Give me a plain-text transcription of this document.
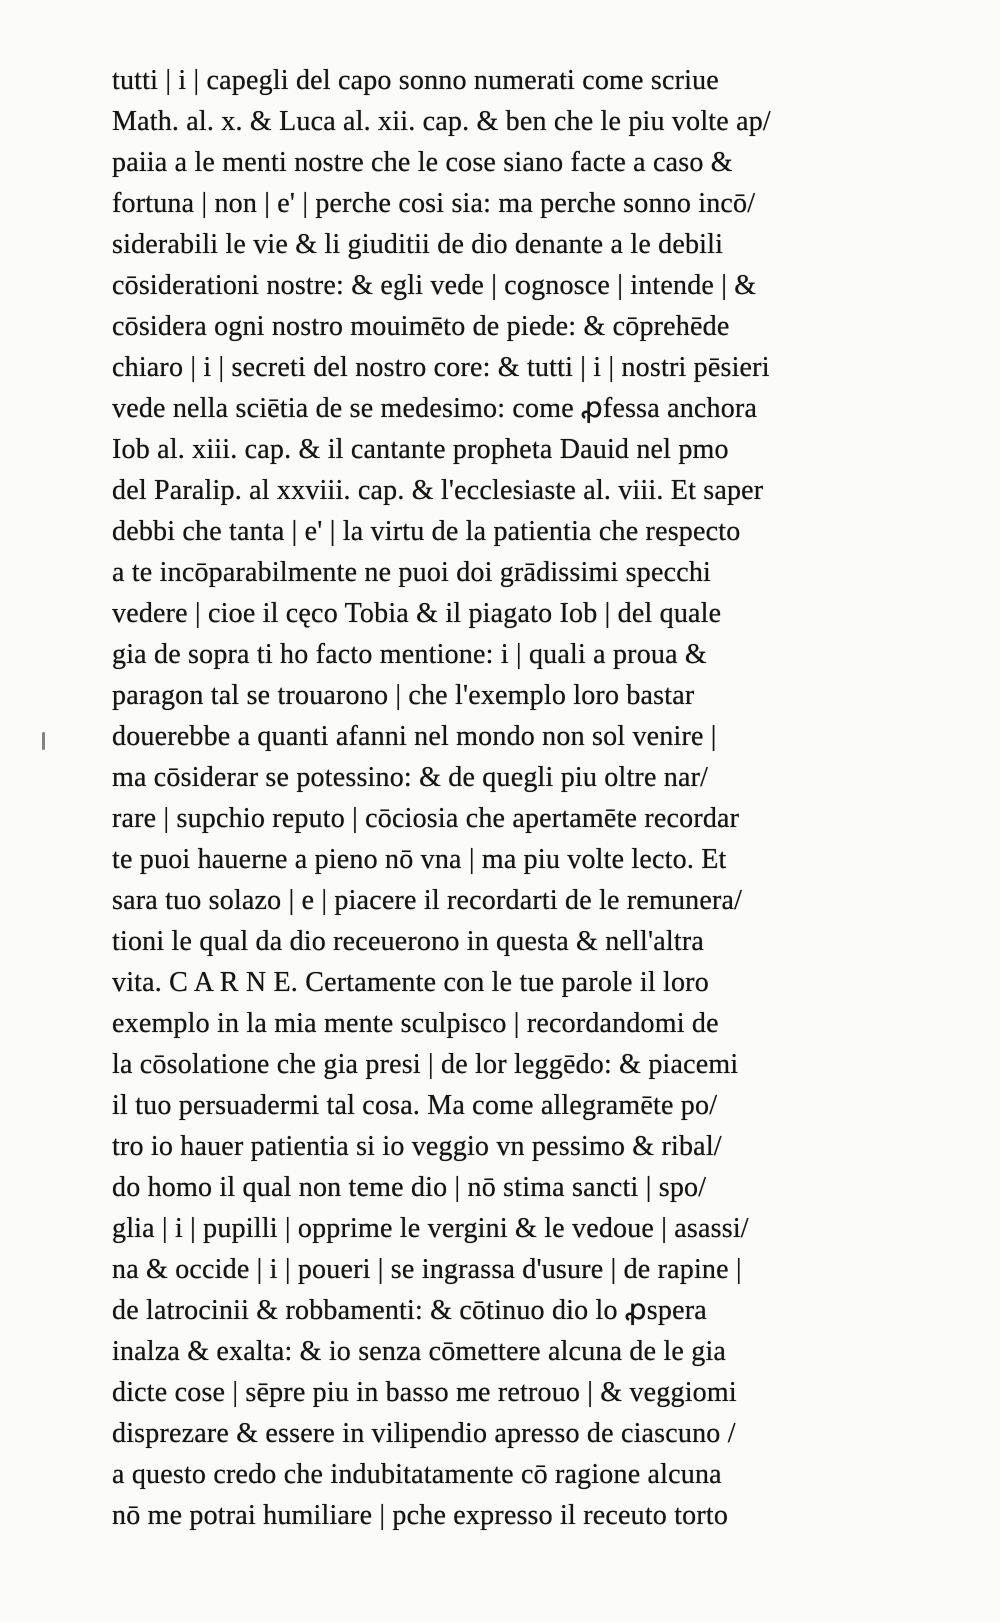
tutti | i | capegli del capo sonno numerati come scriue
Math. al. x. & Luca al. xii. cap. & ben che le piu volte ap/
paiia a le menti nostre che le cose siano facte a caso &
fortuna | non | e' | perche cosi sia: ma perche sonno incō/
siderabili le vie & li giuditii de dio denante a le debili
cōsiderationi nostre: & egli vede | cognosce | intende | &
cōsidera ogni nostro mouimēto de piede: & cōprehēde
chiaro | i | secreti del nostro core: & tutti | i | nostri pēsieri
vede nella sciētia de se medesimo: come ꝓfessa anchora
Iob al. xiii. cap. & il cantante propheta Dauid nel pmo
del Paralip. al xxviii. cap. & l'ecclesiaste al. viii. Et saper
debbi che tanta | e' | la virtu de la patientia che respecto
a te incōparabilmente ne puoi doi grādissimi specchi
vedere | cioe il cęco Tobia & il piagato Iob | del quale
gia de sopra ti ho facto mentione: i | quali a proua &
paragon tal se trouarono | che l'exemplo loro bastar
douerebbe a quanti afanni nel mondo non sol venire |
ma cōsiderar se potessino: & de quegli piu oltre nar/
rare | supchio reputo | cōciosia che apertamēte recordar
te puoi hauerne a pieno nō vna | ma piu volte lecto. Et
sara tuo solazo | e | piacere il recordarti de le remunera/
tioni le qual da dio receuerono in questa & nell'altra
vita. C A R N E. Certamente con le tue parole il loro
exemplo in la mia mente sculpisco | recordandomi de
la cōsolatione che gia presi | de lor leggēdo: & piacemi
il tuo persuadermi tal cosa. Ma come allegramēte po/
tro io hauer patientia si io veggio vn pessimo & ribal/
do homo il qual non teme dio | nō stima sancti | spo/
glia | i | pupilli | opprime le vergini & le vedoue | asassi/
na & occide | i | poueri | se ingrassa d'usure | de rapine |
de latrocinii & robbamenti: & cōtinuo dio lo ꝓspera
inalza & exalta: & io senza cōmettere alcuna de le gia
dicte cose | sēpre piu in basso me retrouo | & veggiomi
disprezare & essere in vilipendio apresso de ciascuno /
a questo credo che indubitatamente cō ragione alcuna
nō me potrai humiliare | pche expresso il receuto torto
